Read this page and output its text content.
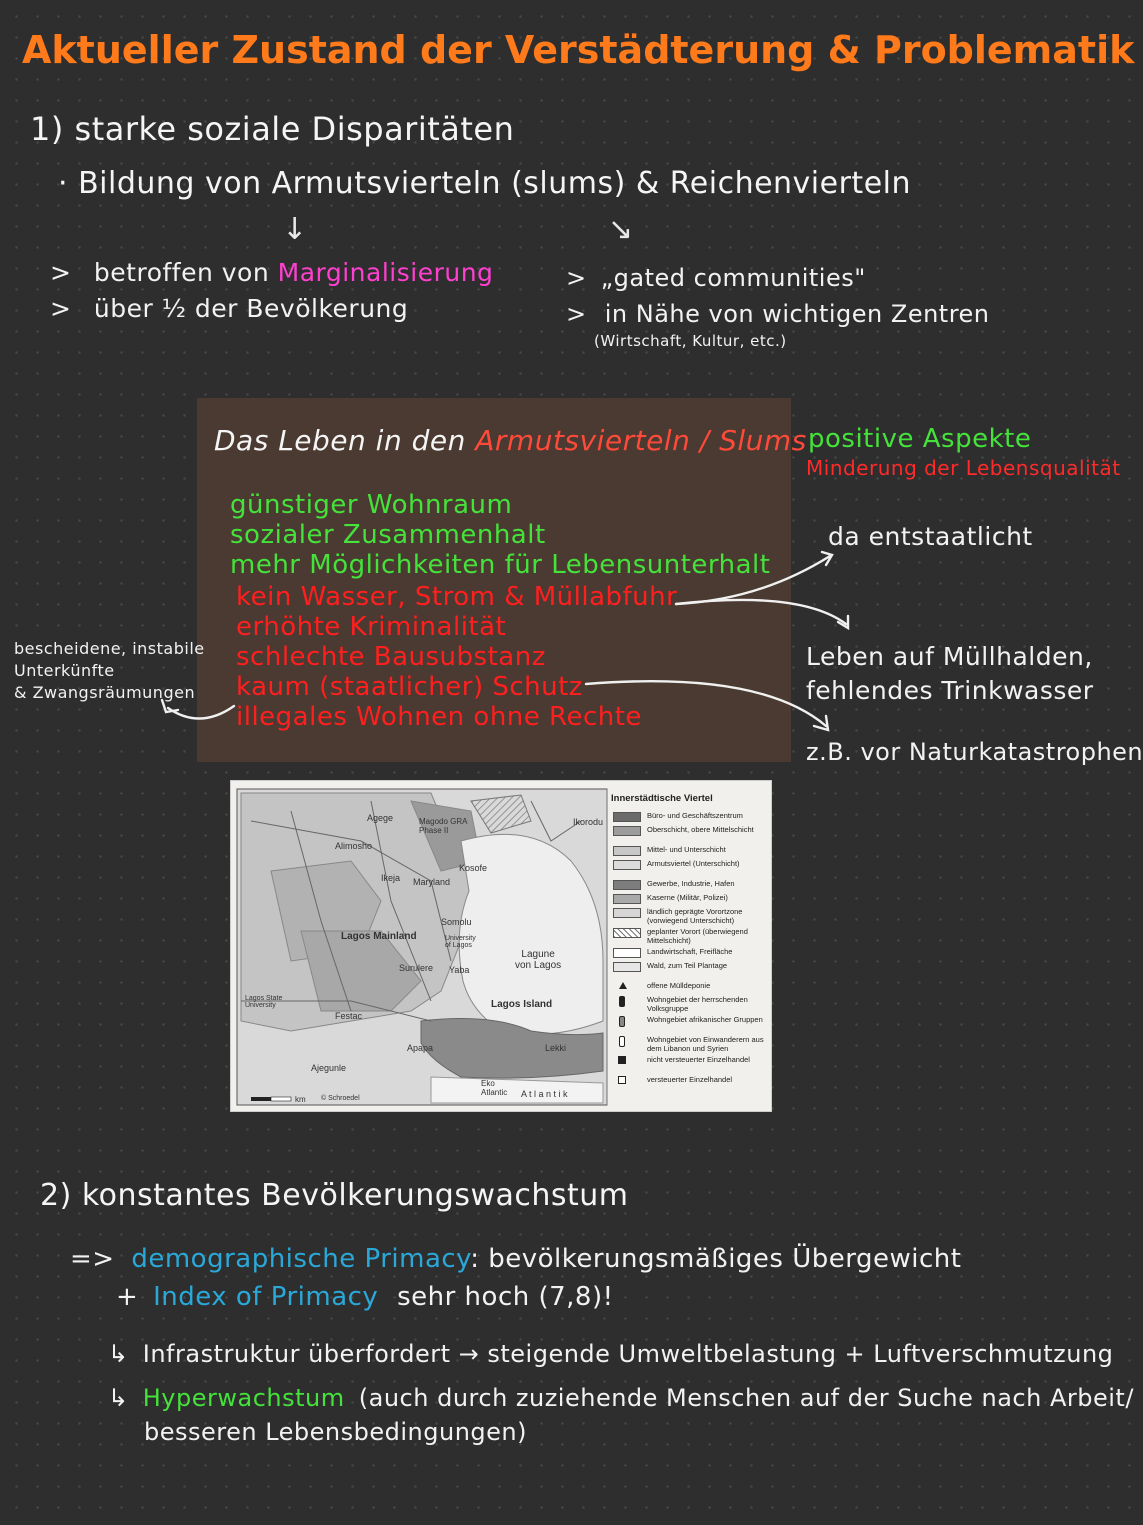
Aktueller Zustand der Verstädterung & Problematik
1) starke soziale Disparitäten
· Bildung von Armutsvierteln (slums) & Reichenvierteln
↓	↘
> betroffen von Marginalisierung
> über ½ der Bevölkerung
> „gated communities"
> in Nähe von wichtigen Zentren
(Wirtschaft, Kultur, etc.)
Das Leben in den Armutsvierteln / Slums
günstiger Wohnraum
sozialer Zusammenhalt
mehr Möglichkeiten für Lebensunterhalt
kein Wasser, Strom & Müllabfuhr
erhöhte Kriminalität
schlechte Bausubstanz
kaum (staatlicher) Schutz
illegales Wohnen ohne Rechte
positive Aspekte
Minderung der Lebensqualität
bescheidene, instabile
Unterkünfte
& Zwangsräumungen
da entstaatlicht
Leben auf Müllhalden,
fehlendes Trinkwasser
z.B. vor Naturkatastrophen
Lagos Mainland
Lagos Island
Lagune
von Lagos
A t l a n t i k
Ikorodu
Agege
Alimosho
Ikeja Maryland
Kosofe
Somolu
Surulere Yaba
Festac
Apapa
Eko
Atlantic
Lekki
Ajegunle
Magodo GRA
Phase II
University
of Lagos
Lagos State
University
km © Schroedel
Innerstädtische Viertel
Büro- und Geschäftszentrum
Oberschicht, obere Mittelschicht
Mittel- und Unterschicht
Armutsviertel (Unterschicht)
Gewerbe, Industrie, Hafen
Kaserne (Militär, Polizei)
ländlich geprägte Vorortzone (vorwiegend Unterschicht)
geplanter Vorort (überwiegend Mittelschicht)
Landwirtschaft, Freifläche
Wald, zum Teil Plantage
offene Mülldeponie
Wohngebiet der herrschenden Volksgruppe
Wohngebiet afrikanischer Gruppen
Wohngebiet von Einwanderern aus dem Libanon und Syrien
nicht versteuerter Einzelhandel
versteuerter Einzelhandel
2) konstantes Bevölkerungswachstum
=> demographische Primacy: bevölkerungsmäßiges Übergewicht
+ Index of Primacy sehr hoch (7,8)!
↳ Infrastruktur überfordert → steigende Umweltbelastung + Luftverschmutzung
↳ Hyperwachstum (auch durch zuziehende Menschen auf der Suche nach Arbeit/
besseren Lebensbedingungen)
